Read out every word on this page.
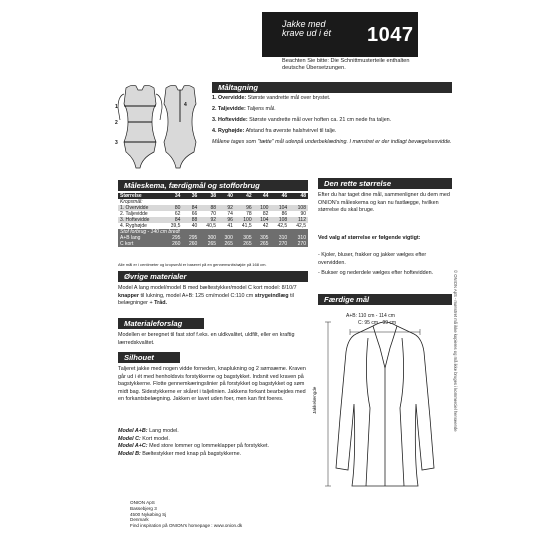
Jakke med
krave ud i ét 1047
Beachten Sie bitte: Die Schnittmusterteile enthalten deutsche Übersetzungen.
1
2
3
4
Måltagning
1. Overvidde: Største vandrette mål over brystet.
2. Taljevidde: Taljens mål.
3. Hoftevidde: Største vandrette mål over hoften ca. 21 cm nede fra taljen.
4. Ryghøjde: Afstand fra øverste halshvirvel til talje.
Målene tages som "tætte" mål udenpå underbeklædning. I mønstret er der indlagt bevægelsesvidde.
Måleskema, færdigmål og stofforbrug
Størrelse	34	36	38	40	42	44	46	48
Kropsmål:								
1. Overvidde	80	84	88	92	96	100	104	108
2. Taljevidde	62	66	70	74	78	82	86	90
3. Hoftevidde	84	88	92	96	100	104	108	112
4. Ryghøjde	39,5	40	40,5	41	41,5	42	42,5	42,5
Stof forbrug - 140 cm bredt								
A+B lang	295	295	300	300	305	305	310	310
C kort	260	260	265	265	265	265	270	270
Alle mål er i centimeter og kropsmål er baseret på en gennemsnitshøjde på 168 cm.
Øvrige materialer
Model A lang model/model B med bæltestykker/model C kort model: 8/10/7 knapper til lukning, model A+B: 125 cm/model C:110 cm strygeindlæg til belægninger + Tråd.
Materialeforslag
Modellen er beregnet til fast stof f.eks. en uldkvalitet, uldfilt, eller en kraftig lærredskvalitet.
Silhouet
Taljeret jakke med nogen vidde forneden, knaplukning og 2 sømsæme. Kraven går ud i ét med henholdsvis forstykkerne og bagstykket. Indsnit ved kraven på bagstykkerne. Flotte gennemkæringslinier på forstykket og bagstykket og søm midt bag. Sidestykkerne er skåret i taljelinien. Jakkens forkant bearbejdes med en forkantsbelægning. Jakken er lavet uden foer, men kan fint foeres.
Model A+B: Lang model.
Model C: Kort model.
Model A+C: Med store lommer og lommeklapper på forstykket.
Model B: Bæltestykker med knap på bagstykkerne.
Den rette størrelse
Efter du har taget dine mål, sammenligner du dem med ONION's måleskema og kan nu fastlægge, hvilken størrelse du skal bruge.
Ved valg af størrelse er følgende vigtigt:
- Kjoler, bluser, frakker og jakker vælges efter overvidden.
- Bukser og nederdele vælges efter hoftevidden.
Færdige mål
A+B: 110 cm - 114 cm
C: 95 cm - 99 cm
Jakkelængde	© ONION ApS - mønstret må ikke kopieres og må ikke bruges i kommerciel henseende
ONION ApS
Bassebjerg 3
4500 Nykøbing Sj
Denmark
Find inspiration på ONION's homepage : www.onion.dk
